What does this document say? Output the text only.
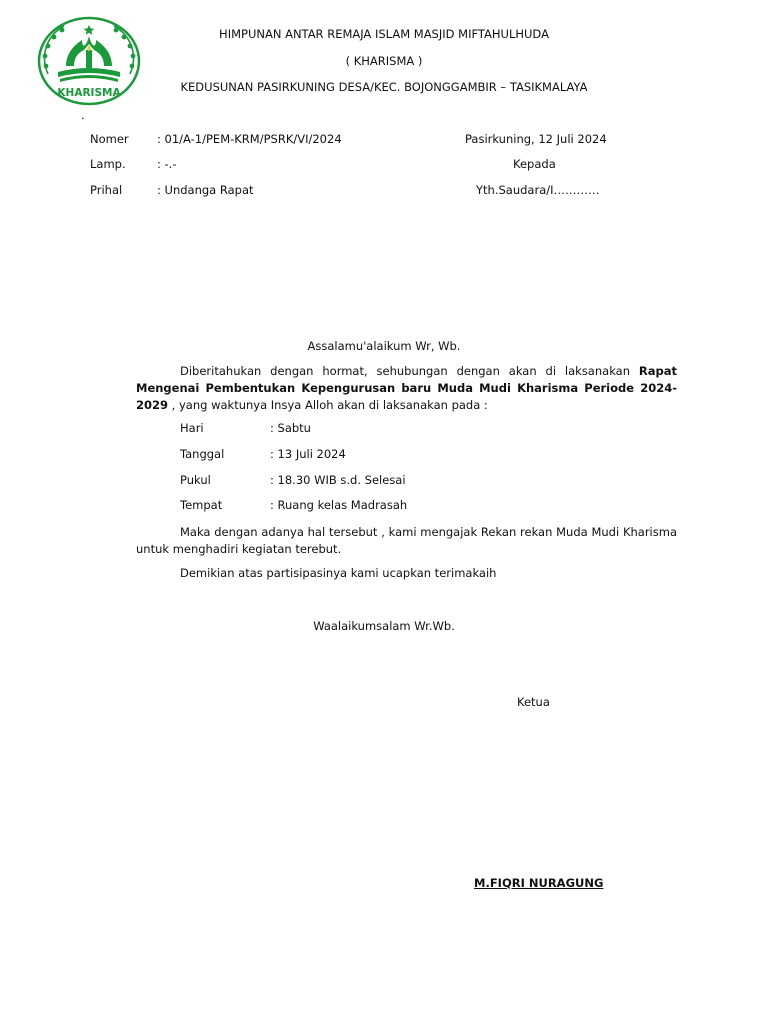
KHARISMA
HIMPUNAN ANTAR REMAJA ISLAM MASJID MIFTAHULHUDA
( KHARISMA )
KEDUSUNAN PASIRKUNING DESA/KEC. BOJONGGAMBIR – TASIKMALAYA
.
Nomer : 01/A-1/PEM-KRM/PSRK/VI/2024	Pasirkuning, 12 Juli 2024
Lamp.	: -.-	Kepada
Prihal	: Undanga Rapat	Yth.Saudara/I…………
Assalamu'alaikum Wr, Wb.
Diberitahukan dengan hormat, sehubungan dengan akan di laksanakan Rapat Mengenai Pembentukan Kepengurusan baru Muda Mudi Kharisma Periode 2024-2029 , yang waktunya Insya Alloh akan di laksanakan pada :
Hari	: Sabtu
Tanggal	: 13 Juli 2024
Pukul	: 18.30 WIB s.d. Selesai
Tempat	: Ruang kelas Madrasah
Maka dengan adanya hal tersebut , kami mengajak Rekan rekan Muda Mudi Kharisma untuk menghadiri kegiatan terebut.
Demikian atas partisipasinya kami ucapkan terimakaih
Waalaikumsalam Wr.Wb.
Ketua
M.FIQRI NURAGUNG
